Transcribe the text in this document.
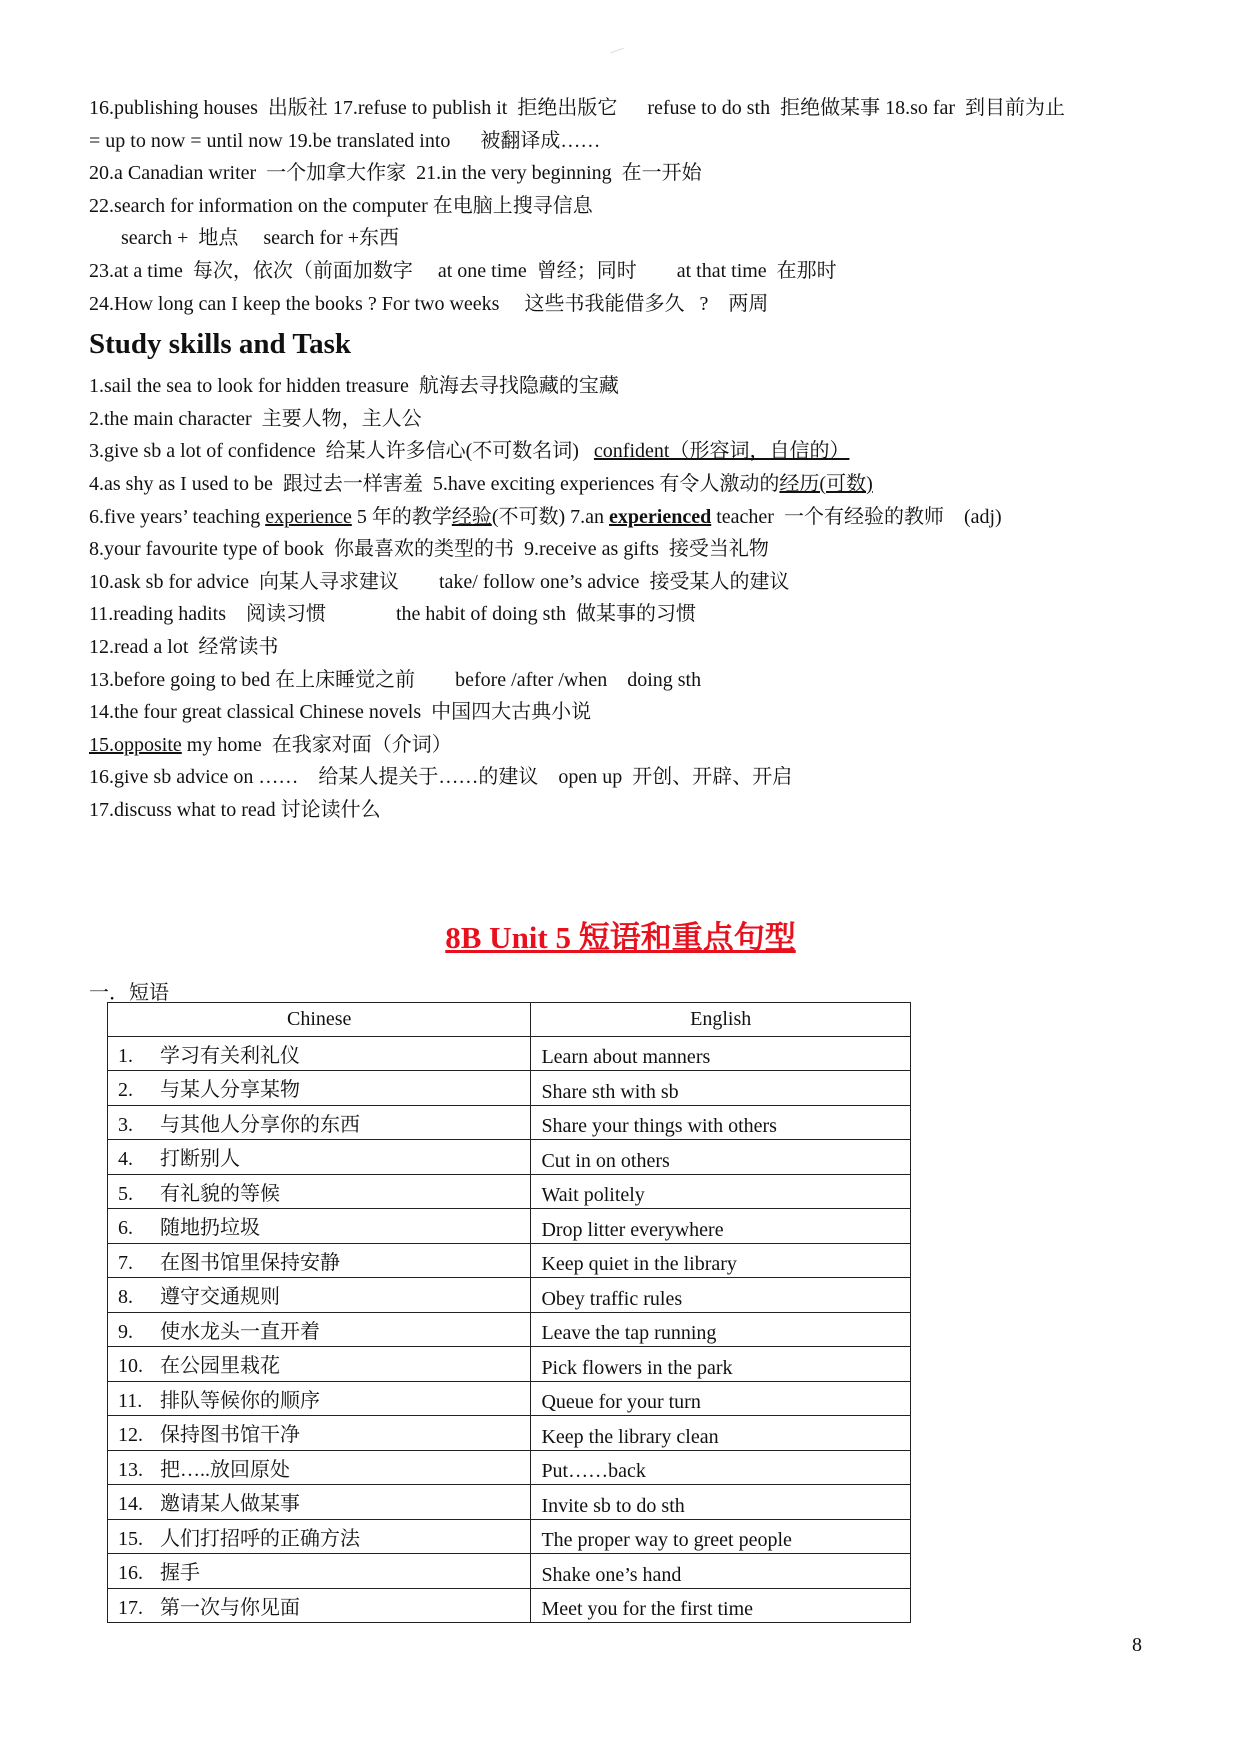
16.publishing houses  出版社 17.refuse to publish it  拒绝出版它      refuse to do sth  拒绝做某事 18.so far  到目前为止
= up to now = until now 19.be translated into      被翻译成……
20.a Canadian writer  一个加拿大作家  21.in the very beginning  在一开始
22.search for information on the computer 在电脑上搜寻信息
search +  地点     search for +东西
23.at a time  每次，依次（前面加数字     at one time  曾经；同时        at that time  在那时
24.How long can I keep the books ? For two weeks     这些书我能借多久   ?    两周
Study skills and Task
1.sail the sea to look for hidden treasure  航海去寻找隐藏的宝藏
2.the main character  主要人物，主人公
3.give sb a lot of confidence  给某人许多信心(不可数名词)   confident（形容词，自信的）
4.as shy as I used to be  跟过去一样害羞  5.have exciting experiences 有令人激动的经历(可数)
6.five years’ teaching experience 5 年的教学经验(不可数) 7.an experienced teacher  一个有经验的教师    (adj)
8.your favourite type of book  你最喜欢的类型的书  9.receive as gifts  接受当礼物
10.ask sb for advice  向某人寻求建议        take/ follow one’s advice  接受某人的建议
11.reading hadits    阅读习惯              the habit of doing sth  做某事的习惯
12.read a lot  经常读书
13.before going to bed 在上床睡觉之前        before /after /when    doing sth
14.the four great classical Chinese novels  中国四大古典小说
15.opposite my home  在我家对面（介词）
16.give sb advice on ……    给某人提关于……的建议    open up  开创、开辟、开启
17.discuss what to read 讨论读什么
8B Unit 5 短语和重点句型
一．短语
Chinese	English
1. 学习有关利礼仪	Learn about manners
2. 与某人分享某物	Share sth with sb
3. 与其他人分享你的东西	Share your things with others
4. 打断别人	Cut in on others
5. 有礼貌的等候	Wait politely
6. 随地扔垃圾	Drop litter everywhere
7. 在图书馆里保持安静	Keep quiet in the library
8. 遵守交通规则	Obey traffic rules
9. 使水龙头一直开着	Leave the tap running
10. 在公园里栽花	Pick flowers in the park
11. 排队等候你的顺序	Queue for your turn
12. 保持图书馆干净	Keep the library clean
13. 把…..放回原处	Put……back
14. 邀请某人做某事	Invite sb to do sth
15. 人们打招呼的正确方法	The proper way to greet people
16. 握手	Shake one’s hand
17. 第一次与你见面	Meet you for the first time
8
